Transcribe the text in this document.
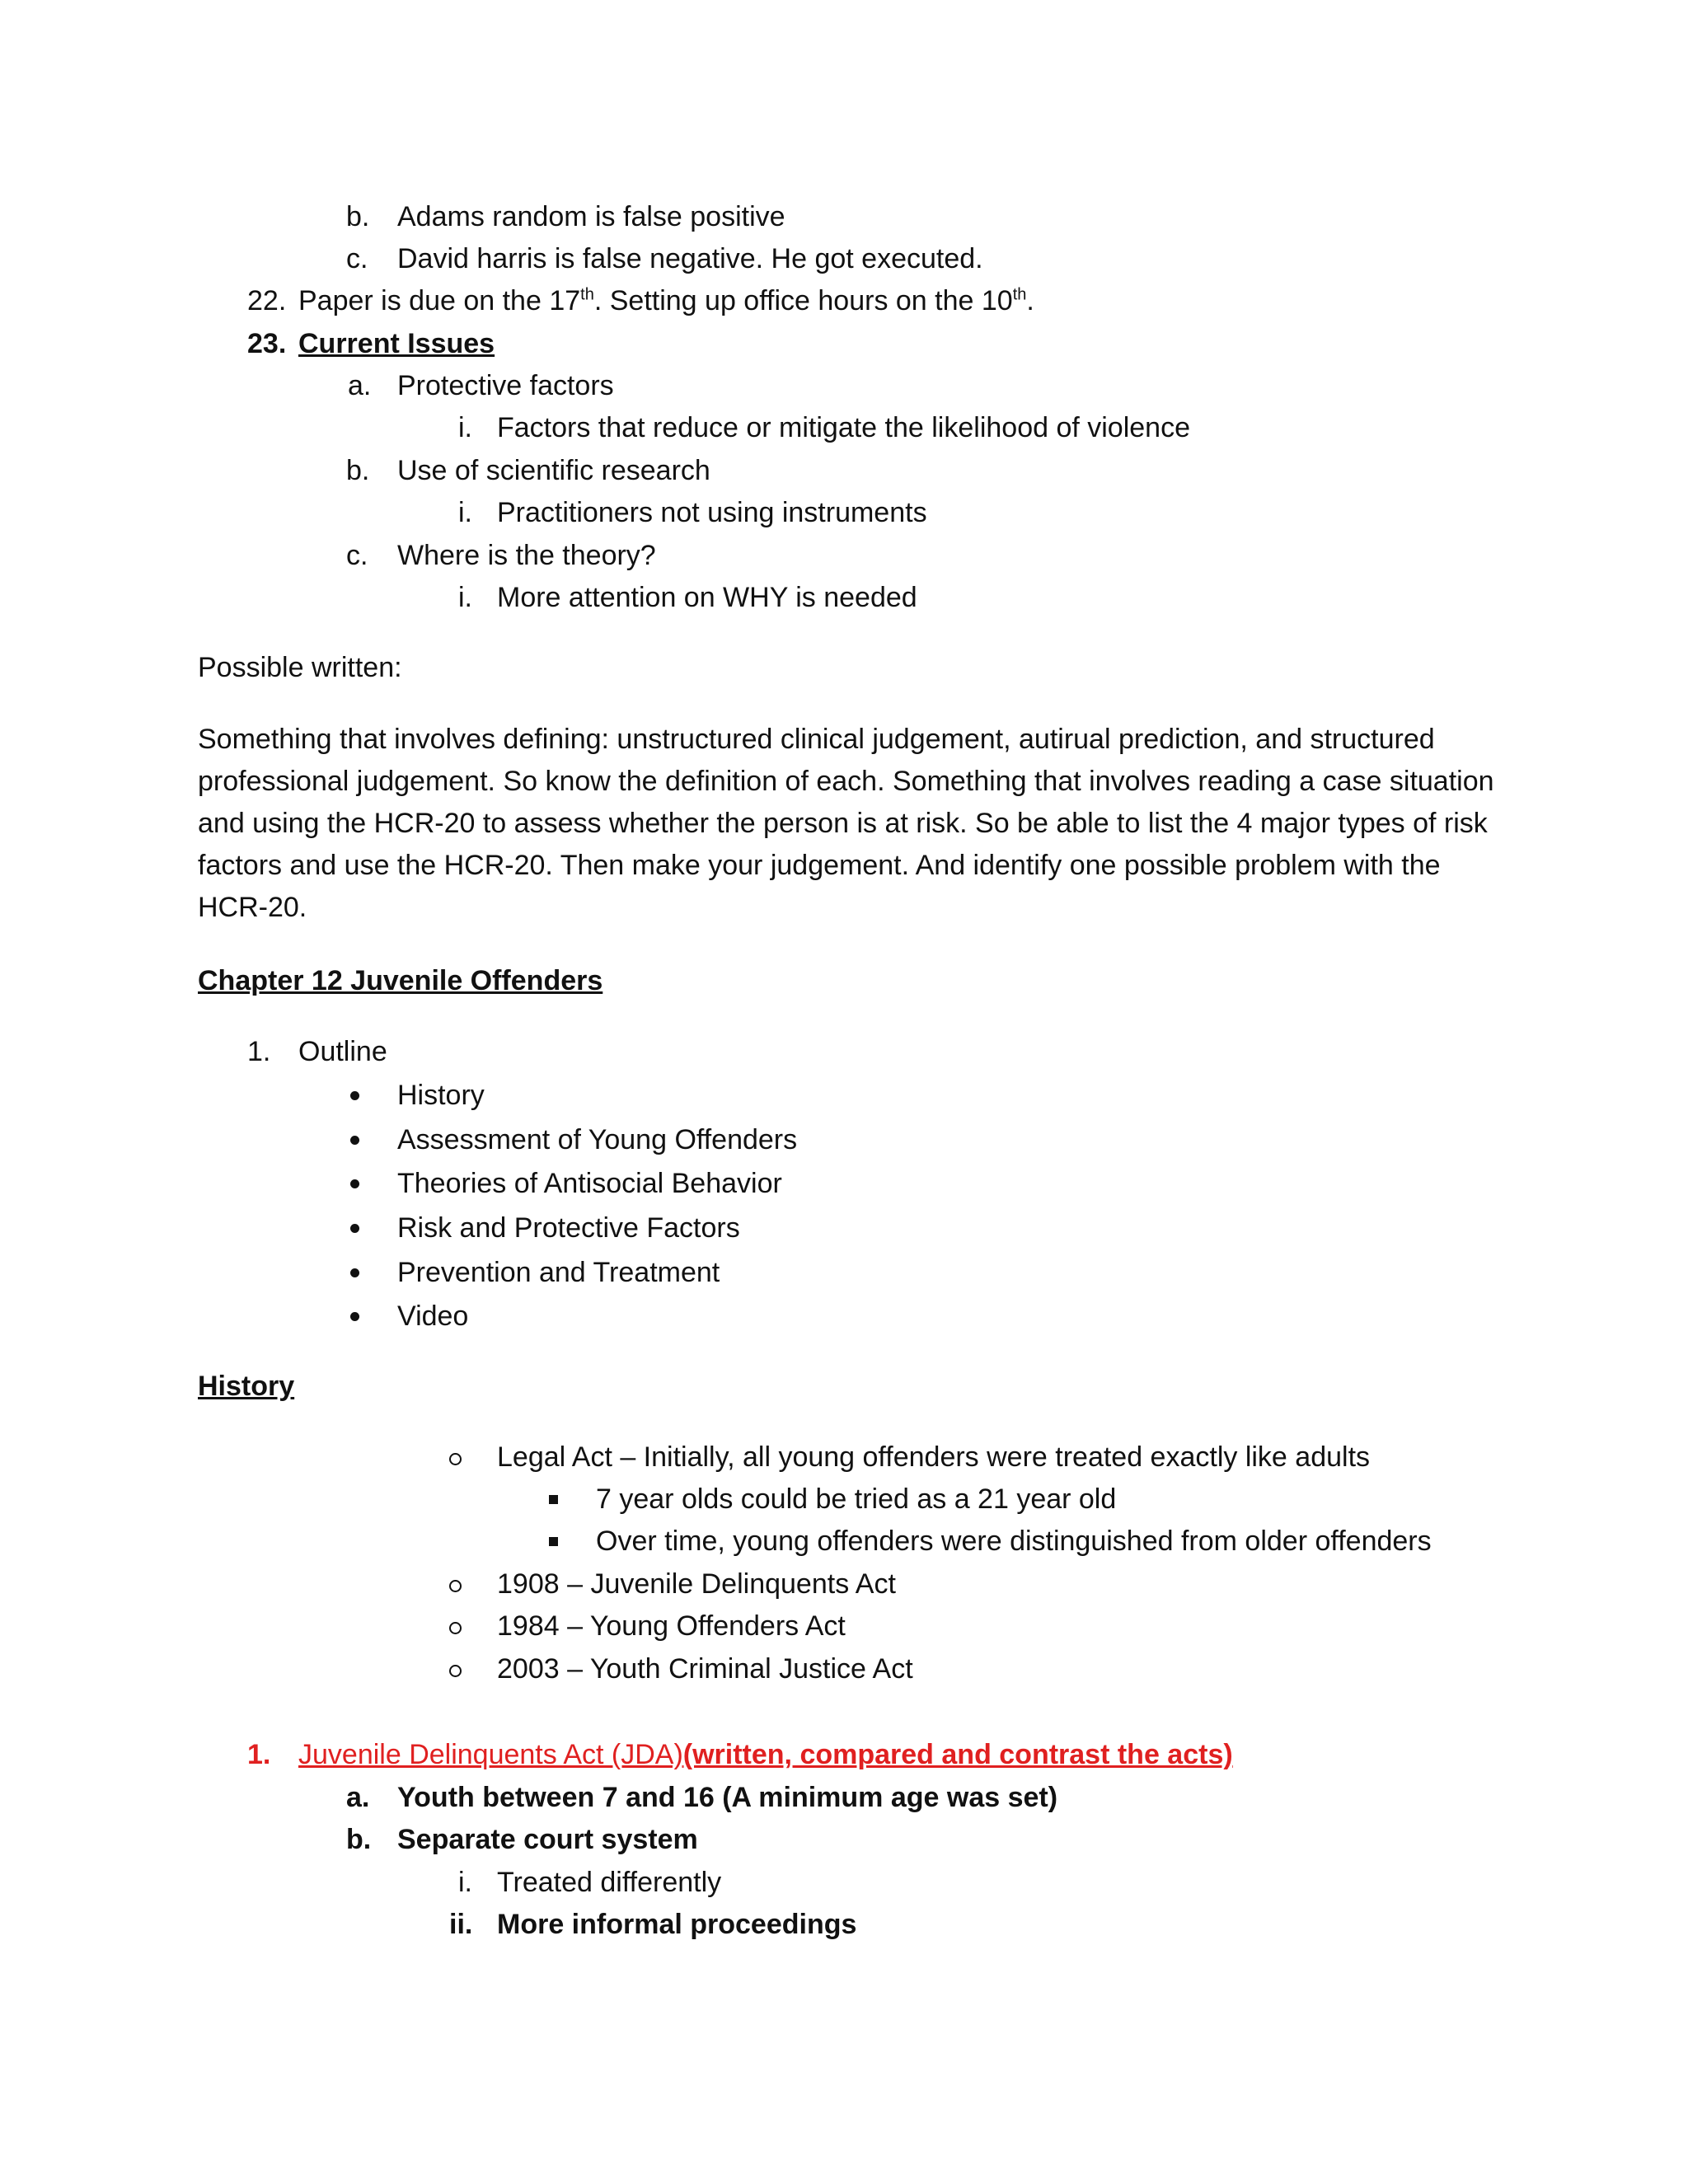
b. Adams random is false positive
c. David harris is false negative. He got executed.
22. Paper is due on the 17th. Setting up office hours on the 10th.
23. Current Issues
a. Protective factors
i. Factors that reduce or mitigate the likelihood of violence
b. Use of scientific research
i. Practitioners not using instruments
c. Where is the theory?
i. More attention on WHY is needed
Possible written:
Something that involves defining: unstructured clinical judgement, autirual prediction, and structured professional judgement. So know the definition of each. Something that involves reading a case situation and using the HCR-20 to assess whether the person is at risk. So be able to list the 4 major types of risk factors and use the HCR-20. Then make your judgement. And identify one possible problem with the HCR-20.
Chapter 12 Juvenile Offenders
1. Outline
History
Assessment of Young Offenders
Theories of Antisocial Behavior
Risk and Protective Factors
Prevention and Treatment
Video
History
Legal Act – Initially, all young offenders were treated exactly like adults
7 year olds could be tried as a 21 year old
Over time, young offenders were distinguished from older offenders
1908 – Juvenile Delinquents Act
1984 – Young Offenders Act
2003 – Youth Criminal Justice Act
1. Juvenile Delinquents Act (JDA)(written, compared and contrast the acts)
a. Youth between 7 and 16 (A minimum age was set)
b. Separate court system
i. Treated differently
ii. More informal proceedings
